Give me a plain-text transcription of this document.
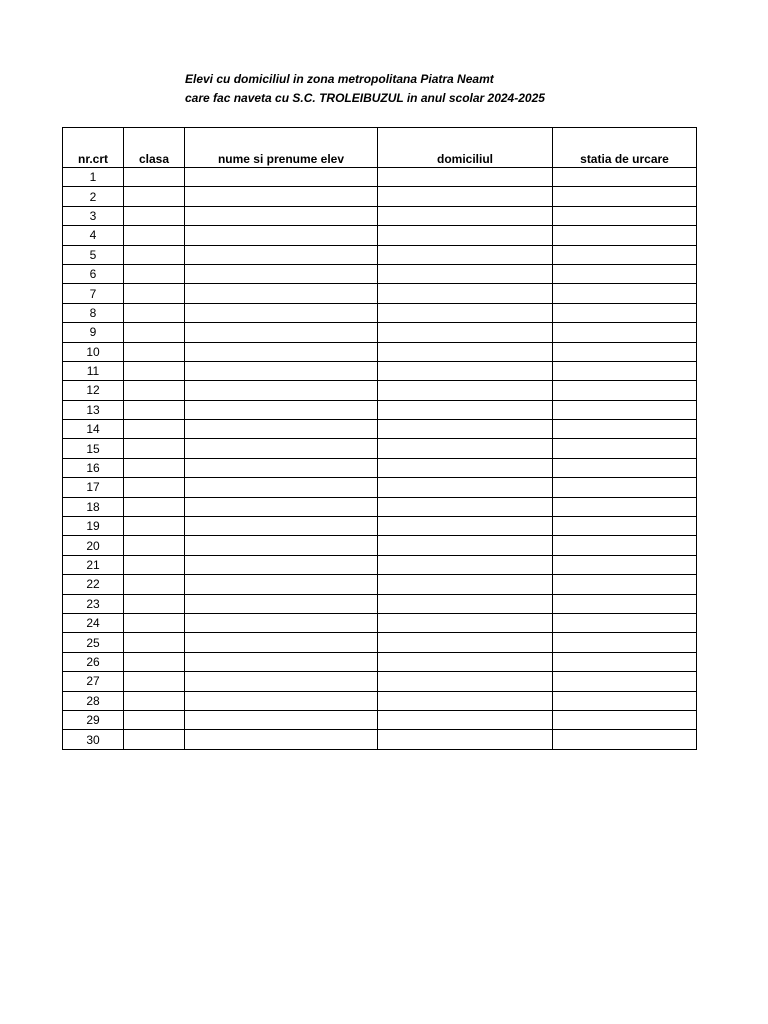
Elevi cu domiciliul in zona metropolitana Piatra Neamt
care fac naveta cu S.C. TROLEIBUZUL in anul scolar 2024-2025
nr.crt	clasa	nume si prenume elev	domiciliul	statia de urcare
1				
2				
3				
4				
5				
6				
7				
8				
9				
10				
11				
12				
13				
14				
15				
16				
17				
18				
19				
20				
21				
22				
23				
24				
25				
26				
27				
28				
29				
30				
